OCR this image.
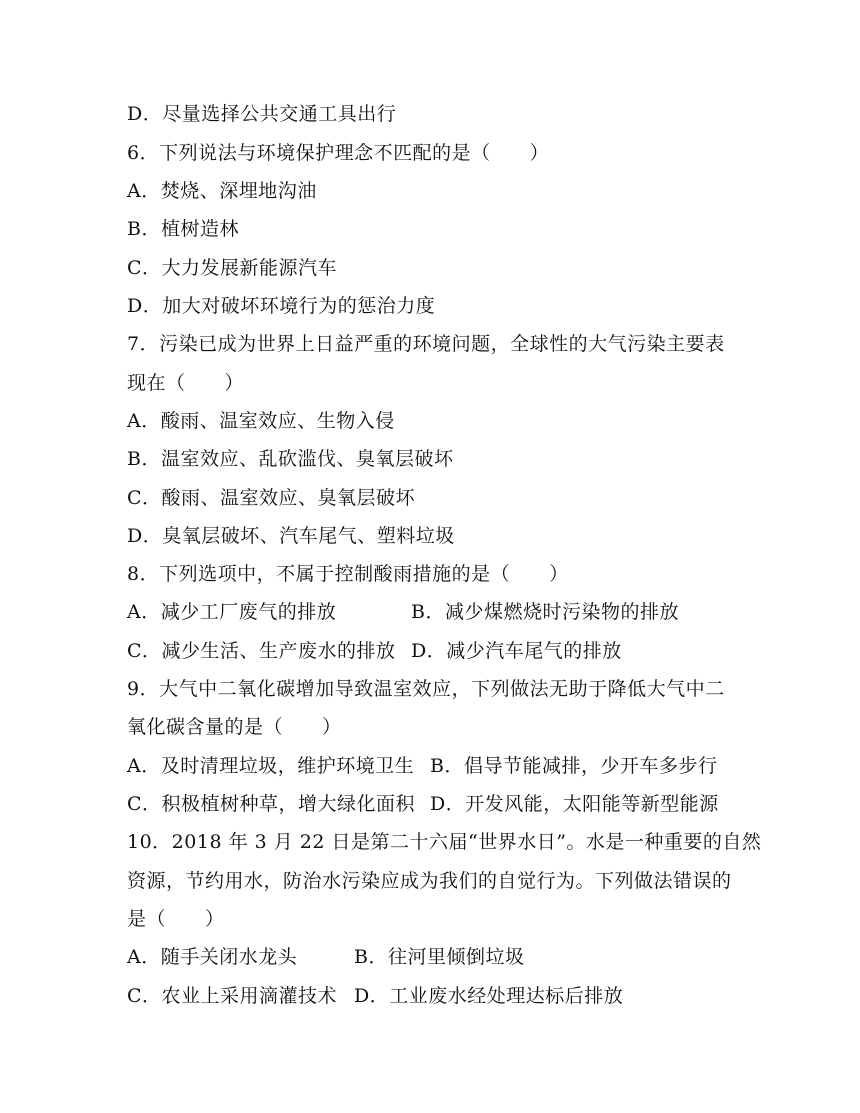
D．尽量选择公共交通工具出行
6．下列说法与环境保护理念不匹配的是（　　）
A．焚烧、深埋地沟油
B．植树造林
C．大力发展新能源汽车
D．加大对破坏环境行为的惩治力度
7．污染已成为世界上日益严重的环境问题，全球性的大气污染主要表
现在（　　）
A．酸雨、温室效应、生物入侵
B．温室效应、乱砍滥伐、臭氧层破坏
C．酸雨、温室效应、臭氧层破坏
D．臭氧层破坏、汽车尾气、塑料垃圾
8．下列选项中，不属于控制酸雨措施的是（　　）
A．减少工厂废气的排放	B．减少煤燃烧时污染物的排放
C．减少生活、生产废水的排放 D．减少汽车尾气的排放
9．大气中二氧化碳增加导致温室效应，下列做法无助于降低大气中二
氧化碳含量的是（　　）
A．及时清理垃圾，维护环境卫生 B．倡导节能减排，少开车多步行
C．积极植树种草，增大绿化面积 D．开发风能，太阳能等新型能源
10．2018 年 3 月 22 日是第二十六届“世界水日”。水是一种重要的自然
资源，节约用水，防治水污染应成为我们的自觉行为。下列做法错误的
是（　　）
A．随手关闭水龙头	B．往河里倾倒垃圾
C．农业上采用滴灌技术 D．工业废水经处理达标后排放
